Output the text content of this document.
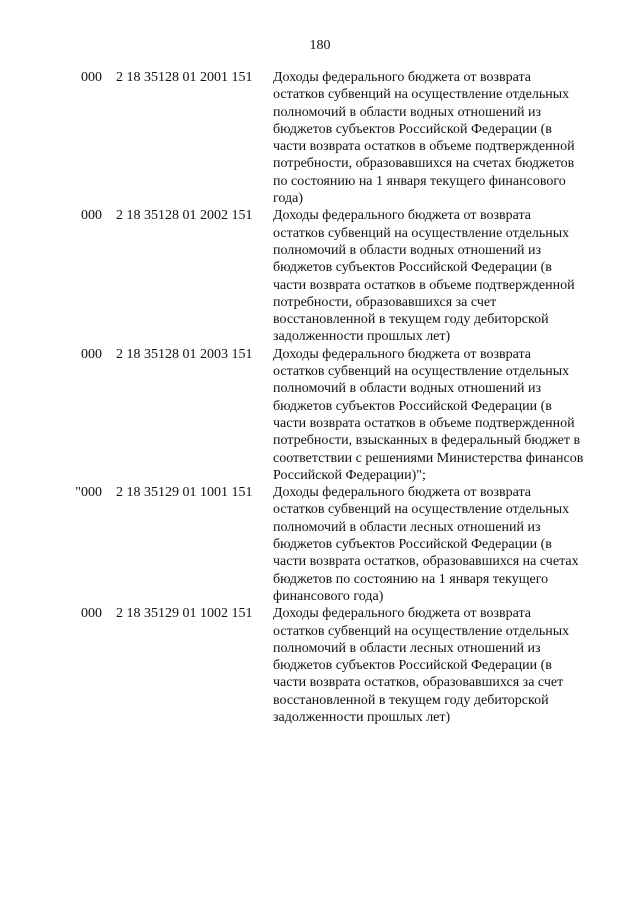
180
000 2 18 35128 01 2001 151 Доходы федерального бюджета от возврата
остатков субвенций на осуществление отдельных
полномочий в области водных отношений из
бюджетов субъектов Российской Федерации (в
части возврата остатков в объеме подтвержденной
потребности, образовавшихся на счетах бюджетов
по состоянию на 1 января текущего финансового
года)
000 2 18 35128 01 2002 151 Доходы федерального бюджета от возврата
остатков субвенций на осуществление отдельных
полномочий в области водных отношений из
бюджетов субъектов Российской Федерации (в
части возврата остатков в объеме подтвержденной
потребности, образовавшихся за счет
восстановленной в текущем году дебиторской
задолженности прошлых лет)
000 2 18 35128 01 2003 151 Доходы федерального бюджета от возврата
остатков субвенций на осуществление отдельных
полномочий в области водных отношений из
бюджетов субъектов Российской Федерации (в
части возврата остатков в объеме подтвержденной
потребности, взысканных в федеральный бюджет в
соответствии с решениями Министерства финансов
Российской Федерации)";
"000 2 18 35129 01 1001 151 Доходы федерального бюджета от возврата
остатков субвенций на осуществление отдельных
полномочий в области лесных отношений из
бюджетов субъектов Российской Федерации (в
части возврата остатков, образовавшихся на счетах
бюджетов по состоянию на 1 января текущего
финансового года)
000 2 18 35129 01 1002 151 Доходы федерального бюджета от возврата
остатков субвенций на осуществление отдельных
полномочий в области лесных отношений из
бюджетов субъектов Российской Федерации (в
части возврата остатков, образовавшихся за счет
восстановленной в текущем году дебиторской
задолженности прошлых лет)
